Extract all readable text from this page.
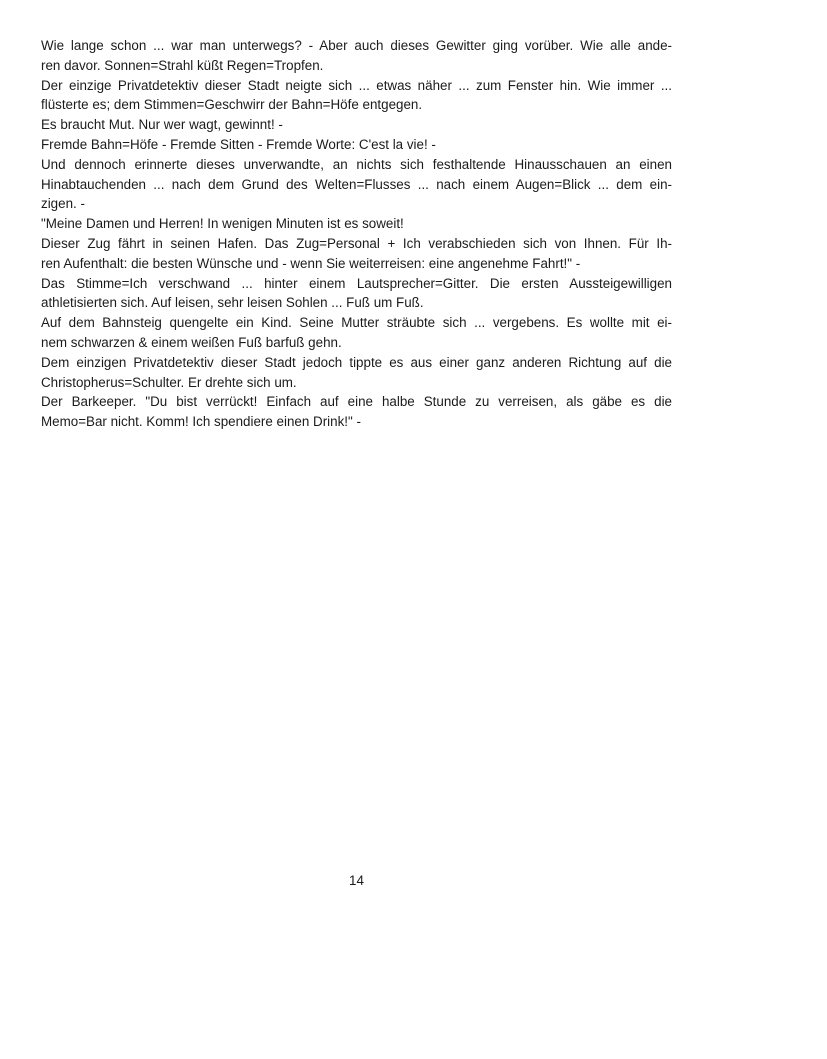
Wie lange schon ... war man unterwegs? - Aber auch dieses Gewitter ging vorüber. Wie alle ande-
ren davor. Sonnen=Strahl küßt Regen=Tropfen.
Der einzige Privatdetektiv dieser Stadt neigte sich ... etwas näher ... zum Fenster hin. Wie immer ...
flüsterte es; dem Stimmen=Geschwirr der Bahn=Höfe entgegen.
Es braucht Mut. Nur wer wagt, gewinnt! -
Fremde Bahn=Höfe - Fremde Sitten - Fremde Worte: C'est la vie! -
Und dennoch erinnerte dieses unverwandte, an nichts sich festhaltende Hinausschauen an einen
Hinabtauchenden ... nach dem Grund des Welten=Flusses ... nach einem Augen=Blick ... dem ein-
zigen. -
"Meine Damen und Herren! In wenigen Minuten ist es soweit!
Dieser Zug fährt in seinen Hafen. Das Zug=Personal + Ich verabschieden sich von Ihnen. Für Ih-
ren Aufenthalt: die besten Wünsche und - wenn Sie weiterreisen: eine angenehme Fahrt!" -
Das Stimme=Ich verschwand ... hinter einem Lautsprecher=Gitter. Die ersten Aussteigewilligen
athletisierten sich. Auf leisen, sehr leisen Sohlen ... Fuß um Fuß.
Auf dem Bahnsteig quengelte ein Kind. Seine Mutter sträubte sich ... vergebens. Es wollte mit ei-
nem schwarzen & einem weißen Fuß barfuß gehn.
Dem einzigen Privatdetektiv dieser Stadt jedoch tippte es aus einer ganz anderen Richtung auf die
Christopherus=Schulter. Er drehte sich um.
Der Barkeeper. "Du bist verrückt! Einfach auf eine halbe Stunde zu verreisen, als gäbe es die
Memo=Bar nicht. Komm! Ich spendiere einen Drink!" -
14
